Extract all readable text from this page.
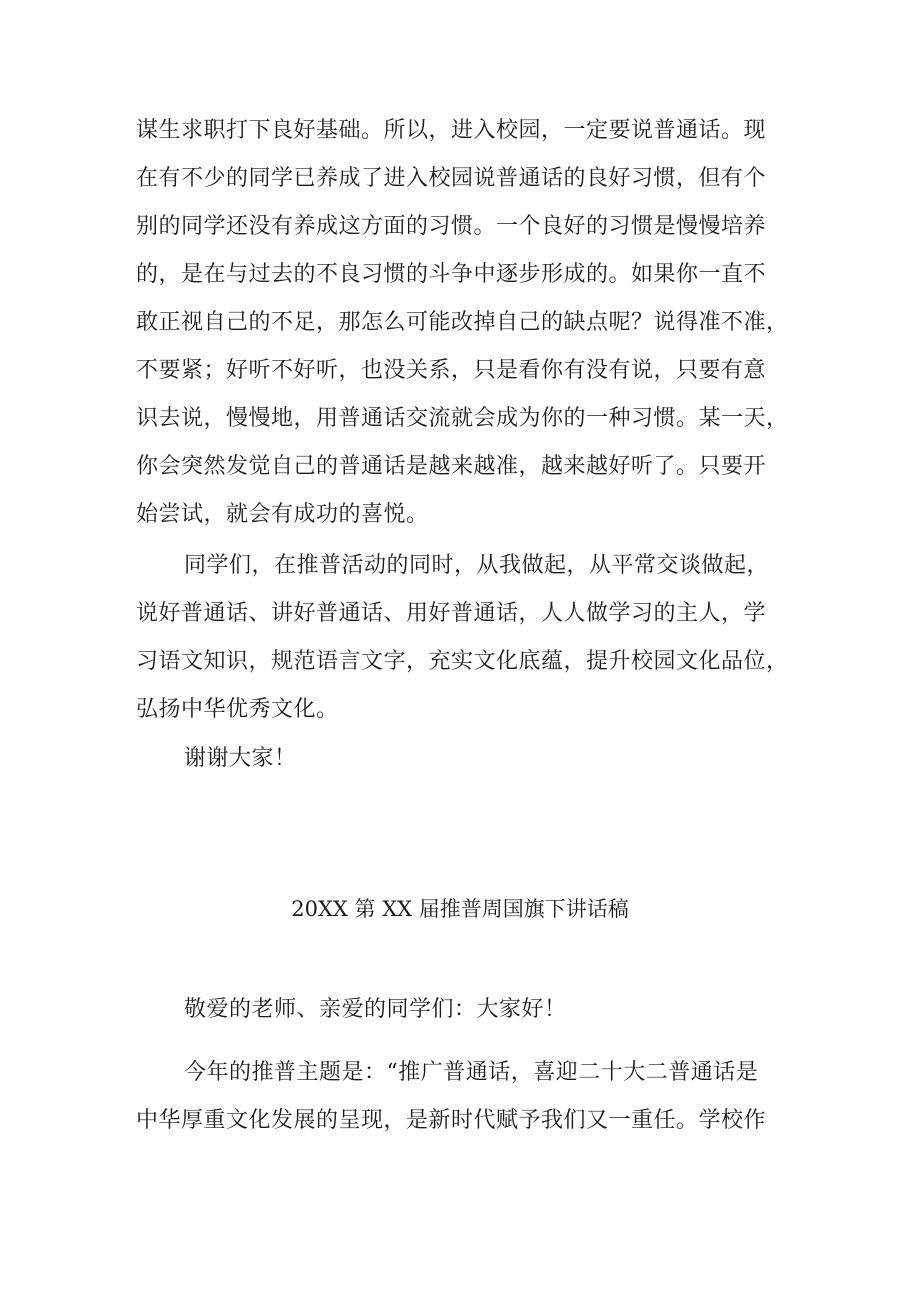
谋生求职打下良好基础。所以，进入校园，一定要说普通话。现
在有不少的同学已养成了进入校园说普通话的良好习惯，但有个
别的同学还没有养成这方面的习惯。一个良好的习惯是慢慢培养
的，是在与过去的不良习惯的斗争中逐步形成的。如果你一直不
敢正视自己的不足，那怎么可能改掉自己的缺点呢？说得准不准，
不要紧；好听不好听，也没关系，只是看你有没有说，只要有意
识去说，慢慢地，用普通话交流就会成为你的一种习惯。某一天，
你会突然发觉自己的普通话是越来越准，越来越好听了。只要开
始尝试，就会有成功的喜悦。
同学们，在推普活动的同时，从我做起，从平常交谈做起，
说好普通话、讲好普通话、用好普通话，人人做学习的主人，学
习语文知识，规范语言文字，充实文化底蕴，提升校园文化品位，
弘扬中华优秀文化。
谢谢大家！
20XX 第 XX 届推普周国旗下讲话稿
敬爱的老师、亲爱的同学们：大家好！
今年的推普主题是：“推广普通话，喜迎二十大二普通话是
中华厚重文化发展的呈现，是新时代赋予我们又一重任。学校作
